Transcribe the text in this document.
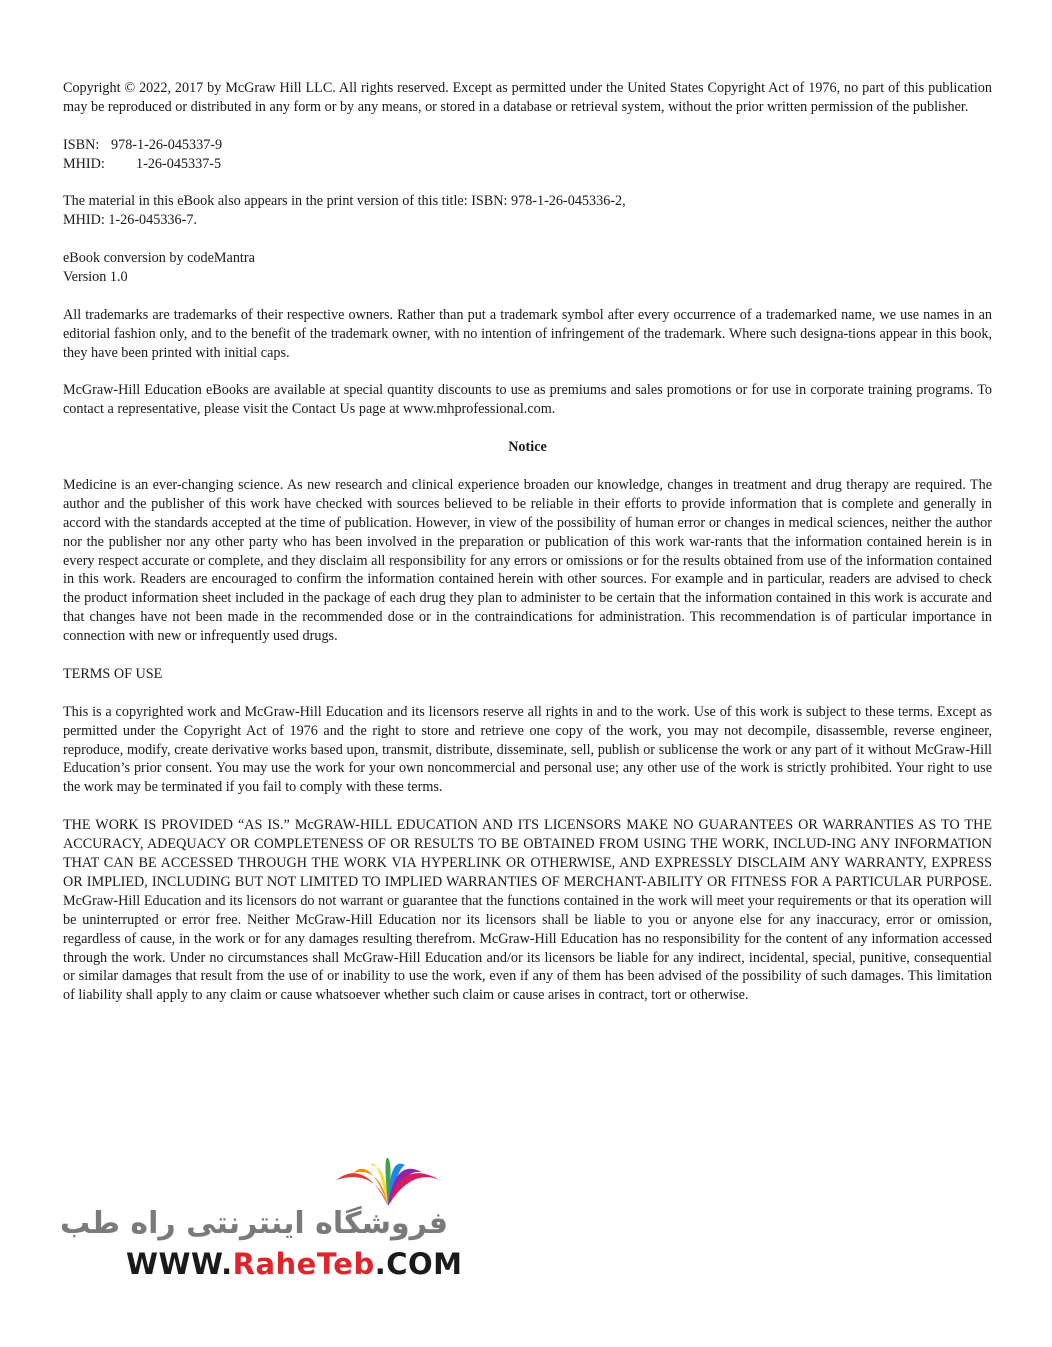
Copyright © 2022, 2017 by McGraw Hill LLC. All rights reserved. Except as permitted under the United States Copyright Act of 1976, no part of this publication may be reproduced or distributed in any form or by any means, or stored in a database or retrieval system, without the prior written permission of the publisher.

ISBN: 978-1-26-045337-9
MHID:	1-26-045337-5
The material in this eBook also appears in the print version of this title: ISBN: 978-1-26-045336-2,
MHID: 1-26-045336-7.
eBook conversion by codeMantra
Version 1.0

All trademarks are trademarks of their respective owners. Rather than put a trademark symbol after every occurrence of a trademarked name, we use names in an editorial fashion only, and to the benefit of the trademark owner, with no intention of infringement of the trademark. Where such designa-tions appear in this book, they have been printed with initial caps.

McGraw-Hill Education eBooks are available at special quantity discounts to use as premiums and sales promotions or for use in corporate training programs. To contact a representative, please visit the Contact Us page at www.mhprofessional.com.

Notice

Medicine is an ever-changing science. As new research and clinical experience broaden our knowledge, changes in treatment and drug therapy are required. The author and the publisher of this work have checked with sources believed to be reliable in their efforts to provide information that is complete and generally in accord with the standards accepted at the time of publication. However, in view of the possibility of human error or changes in medical sciences, neither the author nor the publisher nor any other party who has been involved in the preparation or publication of this work war-rants that the information contained herein is in every respect accurate or complete, and they disclaim all responsibility for any errors or omissions or for the results obtained from use of the information contained in this work. Readers are encouraged to confirm the information contained herein with other sources. For example and in particular, readers are advised to check the product information sheet included in the package of each drug they plan to administer to be certain that the information contained in this work is accurate and that changes have not been made in the recommended dose or in the contraindications for administration. This recommendation is of particular importance in connection with new or infrequently used drugs.

TERMS OF USE

This is a copyrighted work and McGraw-Hill Education and its licensors reserve all rights in and to the work. Use of this work is subject to these terms. Except as permitted under the Copyright Act of 1976 and the right to store and retrieve one copy of the work, you may not decompile, disassemble, reverse engineer, reproduce, modify, create derivative works based upon, transmit, distribute, disseminate, sell, publish or sublicense the work or any part of it without McGraw-Hill Education’s prior consent. You may use the work for your own noncommercial and personal use; any other use of the work is strictly prohibited. Your right to use the work may be terminated if you fail to comply with these terms.

THE WORK IS PROVIDED “AS IS.” McGRAW-HILL EDUCATION AND ITS LICENSORS MAKE NO GUARANTEES OR WARRANTIES AS TO THE ACCURACY, ADEQUACY OR COMPLETENESS OF OR RESULTS TO BE OBTAINED FROM USING THE WORK, INCLUD-ING ANY INFORMATION THAT CAN BE ACCESSED THROUGH THE WORK VIA HYPERLINK OR OTHERWISE, AND EXPRESSLY DISCLAIM ANY WARRANTY, EXPRESS OR IMPLIED, INCLUDING BUT NOT LIMITED TO IMPLIED WARRANTIES OF MERCHANT-ABILITY OR FITNESS FOR A PARTICULAR PURPOSE. McGraw-Hill Education and its licensors do not warrant or guarantee that the functions contained in the work will meet your requirements or that its operation will be uninterrupted or error free. Neither McGraw-Hill Education nor its licensors shall be liable to you or anyone else for any inaccuracy, error or omission, regardless of cause, in the work or for any damages resulting therefrom. McGraw-Hill Education has no responsibility for the content of any information accessed through the work. Under no circumstances shall McGraw-Hill Education and/or its licensors be liable for any indirect, incidental, special, punitive, consequential or similar damages that result from the use of or inability to use the work, even if any of them has been advised of the possibility of such damages. This limitation of liability shall apply to any claim or cause whatsoever whether such claim or cause arises in contract, tort or otherwise.

فروشگاه اینترنتی راه طب
WWW.RaheTeb.COM
